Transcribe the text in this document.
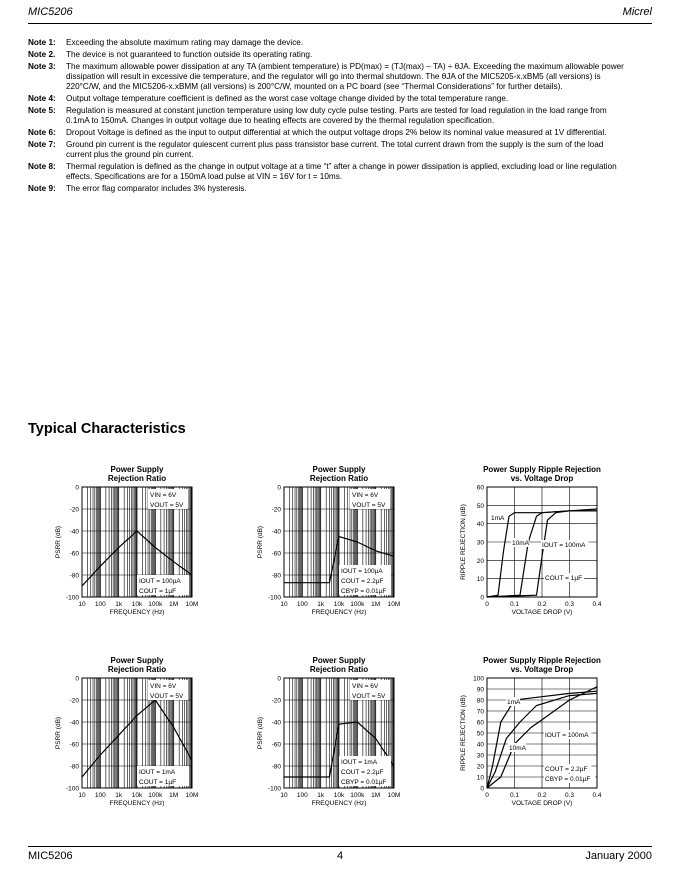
MIC5206	Micrel
Note 1:	Exceeding the absolute maximum rating may damage the device.
Note 2.	The device is not guaranteed to function outside its operating rating.
Note 3:	The maximum allowable power dissipation at any TA (ambient temperature) is PD(max) = (TJ(max) – TA) ÷ θJA. Exceeding the maximum allowable power dissipation will result in excessive die temperature, and the regulator will go into thermal shutdown. The θJA of the MIC5205-x.xBM5 (all versions) is 220°C/W, and the MIC5206-x.xBMM (all versions) is 200°C/W, mounted on a PC board (see “Thermal Considerations” for further details).
Note 4:	Output voltage temperature coefficient is defined as the worst case voltage change divided by the total temperature range.
Note 5:	Regulation is measured at constant junction temperature using low duty cycle pulse testing. Parts are tested for load regulation in the load range from 0.1mA to 150mA. Changes in output voltage due to heating effects are covered by the thermal regulation specification.
Note 6:	Dropout Voltage is defined as the input to output differential at which the output voltage drops 2% below its nominal value measured at 1V differential.
Note 7:	Ground pin current is the regulator quiescent current plus pass transistor base current. The total current drawn from the supply is the sum of the load current plus the ground pin current.
Note 8:	Thermal regulation is defined as the change in output voltage at a time “t” after a change in power dissipation is applied, excluding load or line regulation effects. Specifications are for a 150mA load pulse at VIN = 16V for t = 10ms.
Note 9:	The error flag comparator includes 3% hysteresis.
Typical Characteristics
Power Supply
Rejection Ratio
0
-20
-40
-60
-80
-100
10 100 1k 10k 100k 1M 10M
FREQUENCY (Hz)
PSRR (dB)
VIN = 6V
VOUT = 5V
IOUT = 100µA
COUT = 1µF
Power Supply
Rejection Ratio
0
-20
-40
-60
-80
-100
10 100 1k 10k 100k 1M 10M
FREQUENCY (Hz)
PSRR (dB)
VIN = 6V
VOUT = 5V
IOUT = 100µA
COUT = 2.2µF
CBYP = 0.01µF
Power Supply Ripple Rejection
vs. Voltage Drop
0
10
20
30
40
50
60
0	0.1	0.2	0.3	0.4
VOLTAGE DROP (V)
RIPPLE REJECTION (dB)	1mA
10mA IOUT = 100mA
COUT = 1µF
Power Supply
Rejection Ratio
0
-20
-40
-60
-80
-100
10 100 1k 10k 100k 1M 10M
FREQUENCY (Hz)
PSRR (dB)
VIN = 6V
VOUT = 5V
IOUT = 1mA
COUT = 1µF
Power Supply
Rejection Ratio
0
-20
-40
-60
-80
-100
10 100 1k 10k 100k 1M 10M
FREQUENCY (Hz)
PSRR (dB)
VIN = 6V
VOUT = 5V
IOUT = 1mA
COUT = 2.2µF
CBYP = 0.01µF
Power Supply Ripple Rejection
vs. Voltage Drop
0
10
20
30
40
50
60
70
80
90
100
0	0.1	0.2	0.3	0.4
VOLTAGE DROP (V)
RIPPLE REJECTION (dB)	1mA
10mA
IOUT = 100mA
COUT = 2.2µF
CBYP = 0.01µF
MIC5206	4	January 2000
